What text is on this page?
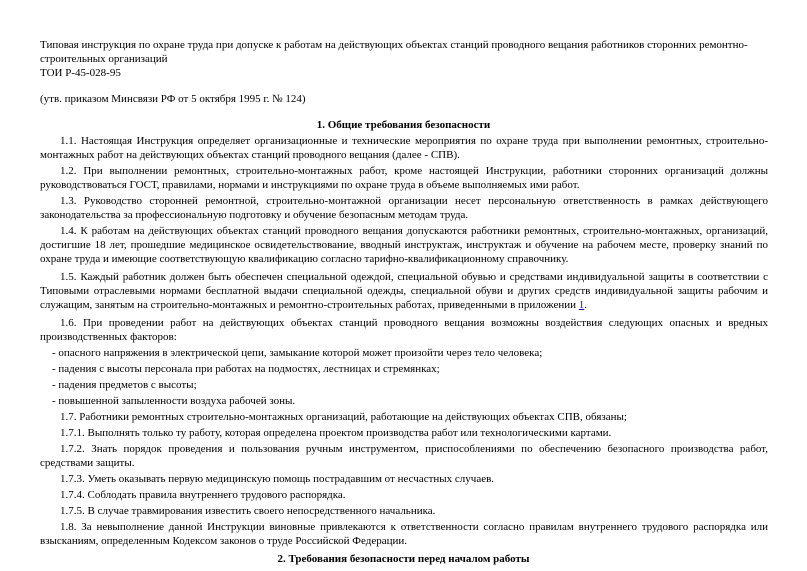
Типовая инструкция по охране труда при допуске к работам на действующих объектах станций проводного вещания работников сторонних ремонтно-строительных организаций

ТОИ Р-45-028-95

(утв. приказом Минсвязи РФ от 5 октября 1995 г. № 124)

1. Общие требования безопасности

1.1. Настоящая Инструкция определяет организационные и технические мероприятия по охране труда при выполнении ремонтных, строительно-монтажных работ на действующих объектах станций проводного вещания (далее - СПВ).

1.2. При выполнении ремонтных, строительно-монтажных работ, кроме настоящей Инструкции, работники сторонних организаций должны руководствоваться ГОСТ, правилами, нормами и инструкциями по охране труда в объеме выполняемых ими работ.

1.3. Руководство сторонней ремонтной, строительно-монтажной организации несет персональную ответственность в рамках действующего законодательства за профессиональную подготовку и обучение безопасным методам труда.

1.4. К работам на действующих объектах станций проводного вещания допускаются работники ремонтных, строительно-монтажных, организаций, достигшие 18 лет, прошедшие медицинское освидетельствование, вводный инструктаж, инструктаж и обучение на рабочем месте, проверку знаний по охране труда и имеющие соответствующую квалификацию согласно тарифно-квалификационному справочнику.

1.5. Каждый работник должен быть обеспечен специальной одеждой, специальной обувью и средствами индивидуальной защиты в соответствии с Типовыми отраслевыми нормами бесплатной выдачи специальной одежды, специальной обуви и других средств индивидуальной защиты рабочим и служащим, занятым на строительно-монтажных и ремонтно-строительных работах, приведенными в приложении 1.

1.6. При проведении работ на действующих объектах станций проводного вещания возможны воздействия следующих опасных и вредных производственных факторов:

- опасного напряжения в электрической цепи, замыкание которой может произойти через тело человека;

- падения с высоты персонала при работах на подмостях, лестницах и стремянках;

- падения предметов с высоты;

- повышенной запыленности воздуха рабочей зоны.

1.7. Работники ремонтных строительно-монтажных организаций, работающие на действующих объектах СПВ, обязаны;

1.7.1. Выполнять только ту работу, которая определена проектом производства работ или технологическими картами.

1.7.2. Знать порядок проведения и пользования ручным инструментом, приспособлениями по обеспечению безопасного производства работ, средствами защиты.

1.7.3. Уметь оказывать первую медицинскую помощь пострадавшим от несчастных случаев.

1.7.4. Соблодать правила внутреннего трудового распорядка.

1.7.5. В случае травмирования известить своего непосредственного начальника.

1.8. За невыполнение данной Инструкции виновные привлекаются к ответственности согласно правилам внутреннего трудового распорядка или взысканиям, определенным Кодексом законов о труде Российской Федерации.

2. Требования безопасности перед началом работы
